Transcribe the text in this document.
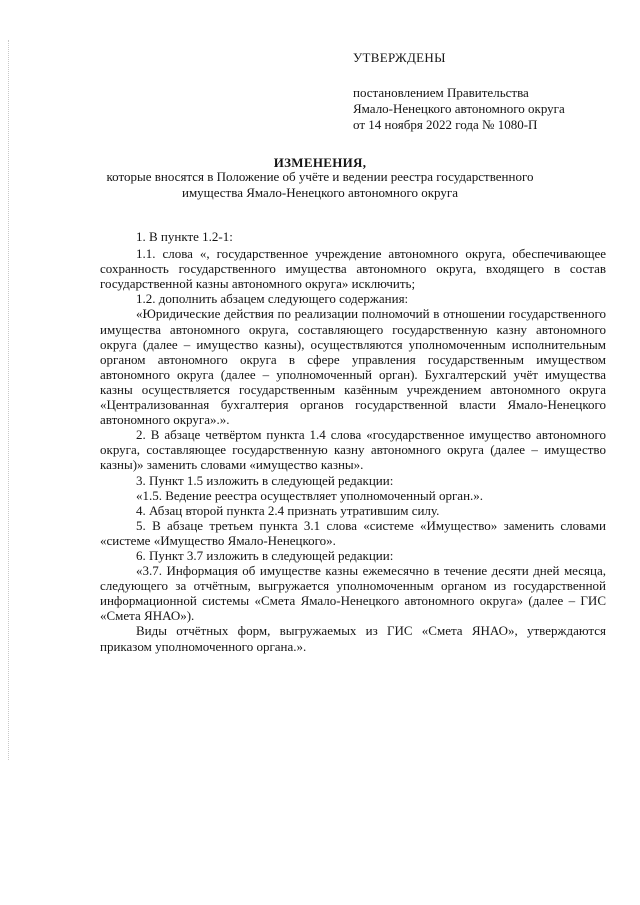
УТВЕРЖДЕНЫ

постановлением Правительства

Ямало-Ненецкого автономного округа

от 14 ноября 2022 года № 1080-П

ИЗМЕНЕНИЯ,
которые вносятся в Положение об учёте и ведении реестра государственного
имущества Ямало-Ненецкого автономного округа

1. В пункте 1.2-1:

1.1. слова «, государственное учреждение автономного округа, обеспечивающее сохранность государственного имущества автономного округа, входящего в состав государственной казны автономного округа» исключить;

1.2. дополнить абзацем следующего содержания:

«Юридические действия по реализации полномочий в отношении государственного имущества автономного округа, составляющего государственную казну автономного округа (далее – имущество казны), осуществляются уполномоченным исполнительным органом автономного округа в сфере управления государственным имуществом автономного округа (далее – уполномоченный орган). Бухгалтерский учёт имущества казны осуществляется государственным казённым учреждением автономного округа «Централизованная бухгалтерия органов государственной власти Ямало-Ненецкого автономного округа».».

2. В абзаце четвёртом пункта 1.4 слова «государственное имущество автономного округа, составляющее государственную казну автономного округа (далее – имущество казны)» заменить словами «имущество казны».

3. Пункт 1.5 изложить в следующей редакции:

«1.5. Ведение реестра осуществляет уполномоченный орган.».

4. Абзац второй пункта 2.4 признать утратившим силу.

5. В абзаце третьем пункта 3.1 слова «системе «Имущество» заменить словами «системе «Имущество Ямало-Ненецкого».

6. Пункт 3.7 изложить в следующей редакции:

«3.7. Информация об имуществе казны ежемесячно в течение десяти дней месяца, следующего за отчётным, выгружается уполномоченным органом из государственной информационной системы «Смета Ямало-Ненецкого автономного округа» (далее – ГИС «Смета ЯНАО»).

Виды отчётных форм, выгружаемых из ГИС «Смета ЯНАО», утверждаются приказом уполномоченного органа.».
